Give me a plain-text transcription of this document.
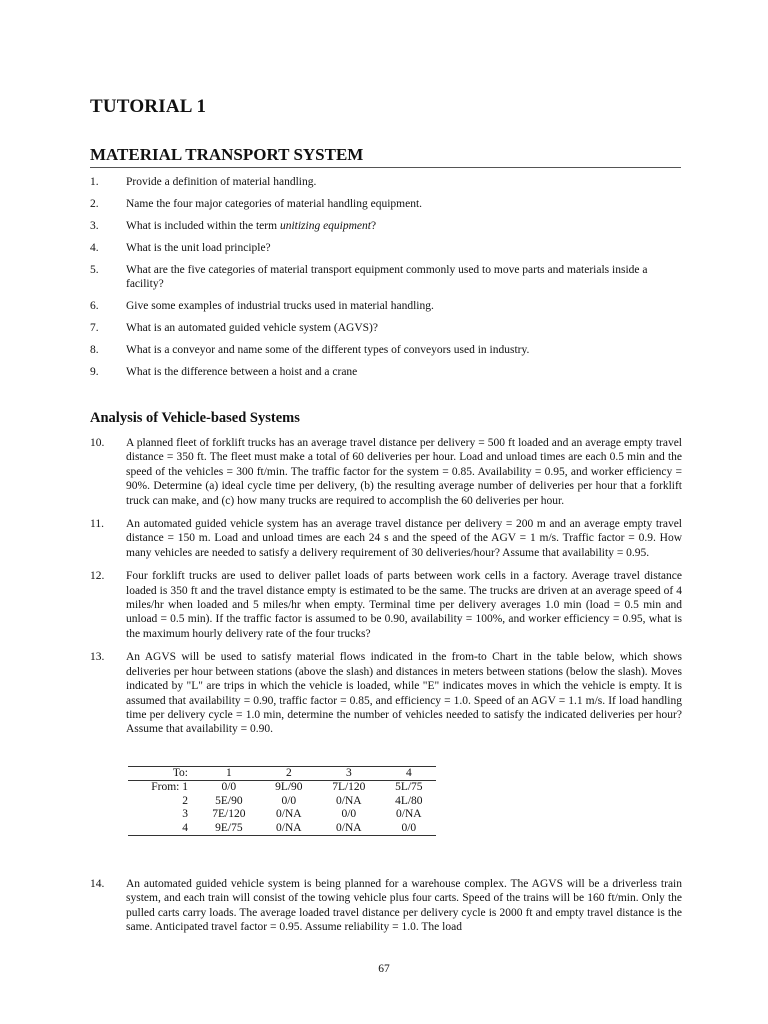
TUTORIAL 1
MATERIAL TRANSPORT SYSTEM
1.	Provide a definition of material handling.
2.	Name the four major categories of material handling equipment.
3.	What is included within the term unitizing equipment?
4.	What is the unit load principle?
5.	What are the five categories of material transport equipment commonly used to move parts and materials inside a facility?
6.	Give some examples of industrial trucks used in material handling.
7.	What is an automated guided vehicle system (AGVS)?
8.	What is a conveyor and name some of the different types of conveyors used in industry.
9.	What is the difference between a hoist and a crane
Analysis of Vehicle-based Systems
10.	A planned fleet of forklift trucks has an average travel distance per delivery = 500 ft loaded and an average empty travel distance = 350 ft. The fleet must make a total of 60 deliveries per hour. Load and unload times are each 0.5 min and the speed of the vehicles = 300 ft/min. The traffic factor for the system = 0.85. Availability = 0.95, and worker efficiency = 90%. Determine (a) ideal cycle time per delivery, (b) the resulting average number of deliveries per hour that a forklift truck can make, and (c) how many trucks are required to accomplish the 60 deliveries per hour.
11.	An automated guided vehicle system has an average travel distance per delivery = 200 m and an average empty travel distance = 150 m. Load and unload times are each 24 s and the speed of the AGV = 1 m/s. Traffic factor = 0.9. How many vehicles are needed to satisfy a delivery requirement of 30 deliveries/hour? Assume that availability = 0.95.
12.	Four forklift trucks are used to deliver pallet loads of parts between work cells in a factory. Average travel distance loaded is 350 ft and the travel distance empty is estimated to be the same. The trucks are driven at an average speed of 4 miles/hr when loaded and 5 miles/hr when empty. Terminal time per delivery averages 1.0 min (load = 0.5 min and unload = 0.5 min). If the traffic factor is assumed to be 0.90, availability = 100%, and worker efficiency = 0.95, what is the maximum hourly delivery rate of the four trucks?
13.	An AGVS will be used to satisfy material flows indicated in the from-to Chart in the table below, which shows deliveries per hour between stations (above the slash) and distances in meters between stations (below the slash). Moves indicated by "L" are trips in which the vehicle is loaded, while "E" indicates moves in which the vehicle is empty. It is assumed that availability = 0.90, traffic factor = 0.85, and efficiency = 1.0. Speed of an AGV = 1.1 m/s. If load handling time per delivery cycle = 1.0 min, determine the number of vehicles needed to satisfy the indicated deliveries per hour? Assume that availability = 0.90.
To:	1	2	3	4
From: 1	0/0	9L/90	7L/120	5L/75
2	5E/90	0/0	0/NA	4L/80
3	7E/120	0/NA	0/0	0/NA
4	9E/75	0/NA	0/NA	0/0
14.	An automated guided vehicle system is being planned for a warehouse complex. The AGVS will be a driverless train system, and each train will consist of the towing vehicle plus four carts. Speed of the trains will be 160 ft/min. Only the pulled carts carry loads. The average loaded travel distance per delivery cycle is 2000 ft and empty travel distance is the same. Anticipated travel factor = 0.95. Assume reliability = 1.0. The load
67
